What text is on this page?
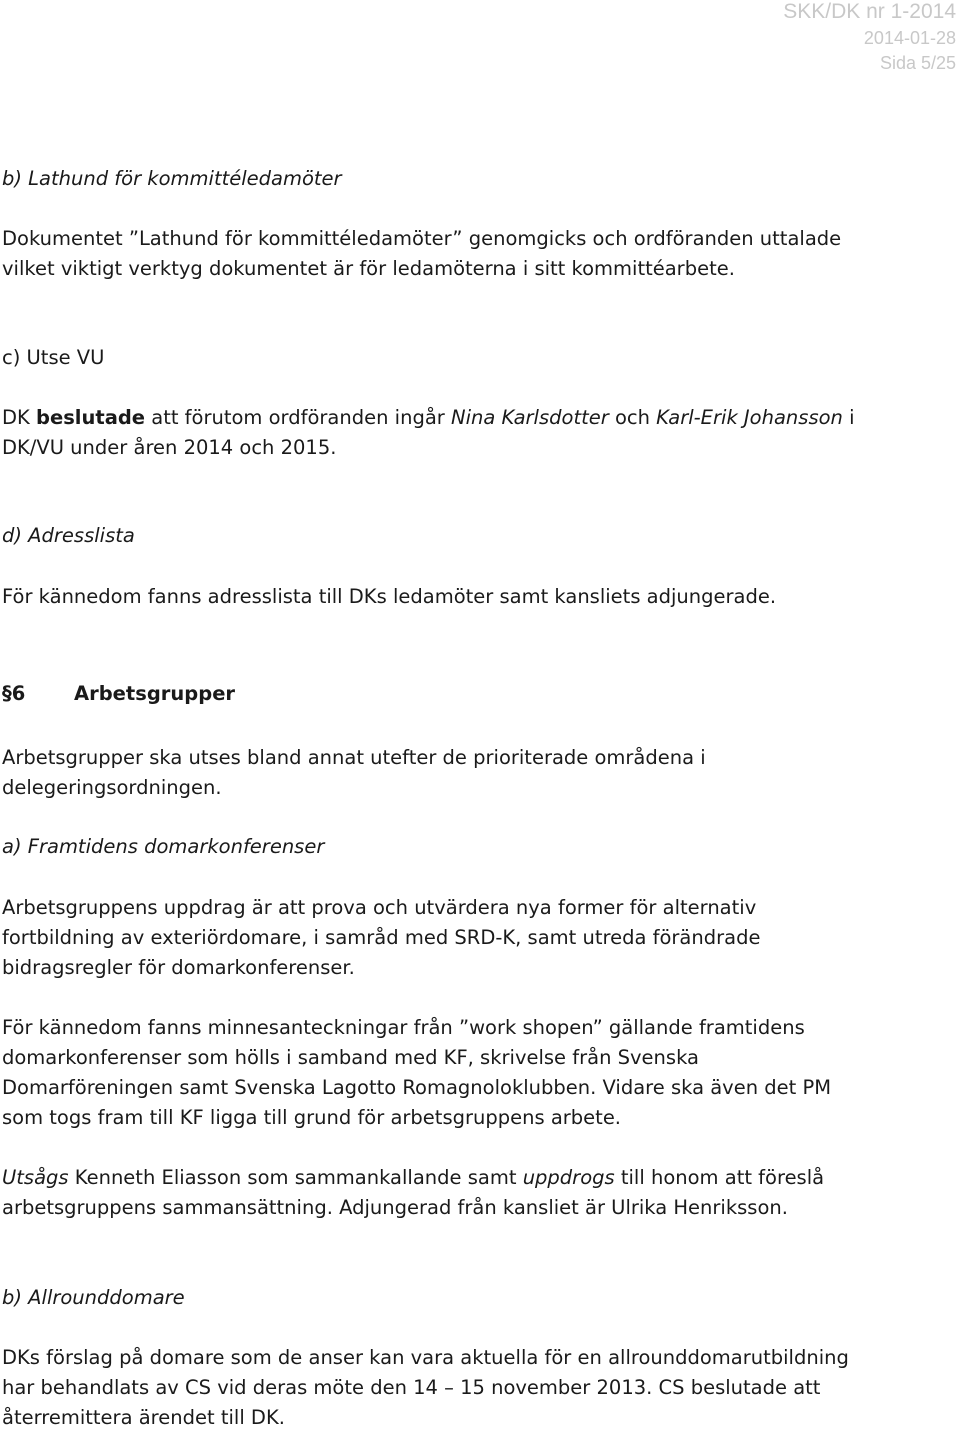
SKK/DK nr 1-2014
2014-01-28
Sida 5/25
b) Lathund för kommittéledamöter
Dokumentet ”Lathund för kommittéledamöter” genomgicks och ordföranden uttalade
vilket viktigt verktyg dokumentet är för ledamöterna i sitt kommittéarbete.
c) Utse VU
DK beslutade att förutom ordföranden ingår Nina Karlsdotter och Karl-Erik Johansson i
DK/VU under åren 2014 och 2015.
d) Adresslista
För kännedom fanns adresslista till DKs ledamöter samt kansliets adjungerade.
§6 Arbetsgrupper
Arbetsgrupper ska utses bland annat utefter de prioriterade områdena i
delegeringsordningen.
a) Framtidens domarkonferenser
Arbetsgruppens uppdrag är att prova och utvärdera nya former för alternativ
fortbildning av exteriördomare, i samråd med SRD-K, samt utreda förändrade
bidragsregler för domarkonferenser.
För kännedom fanns minnesanteckningar från ”work shopen” gällande framtidens
domarkonferenser som hölls i samband med KF, skrivelse från Svenska
Domarföreningen samt Svenska Lagotto Romagnoloklubben. Vidare ska även det PM
som togs fram till KF ligga till grund för arbetsgruppens arbete.
Utsågs Kenneth Eliasson som sammankallande samt uppdrogs till honom att föreslå
arbetsgruppens sammansättning. Adjungerad från kansliet är Ulrika Henriksson.
b) Allrounddomare
DKs förslag på domare som de anser kan vara aktuella för en allrounddomarutbildning
har behandlats av CS vid deras möte den 14 – 15 november 2013. CS beslutade att
återremittera ärendet till DK.
